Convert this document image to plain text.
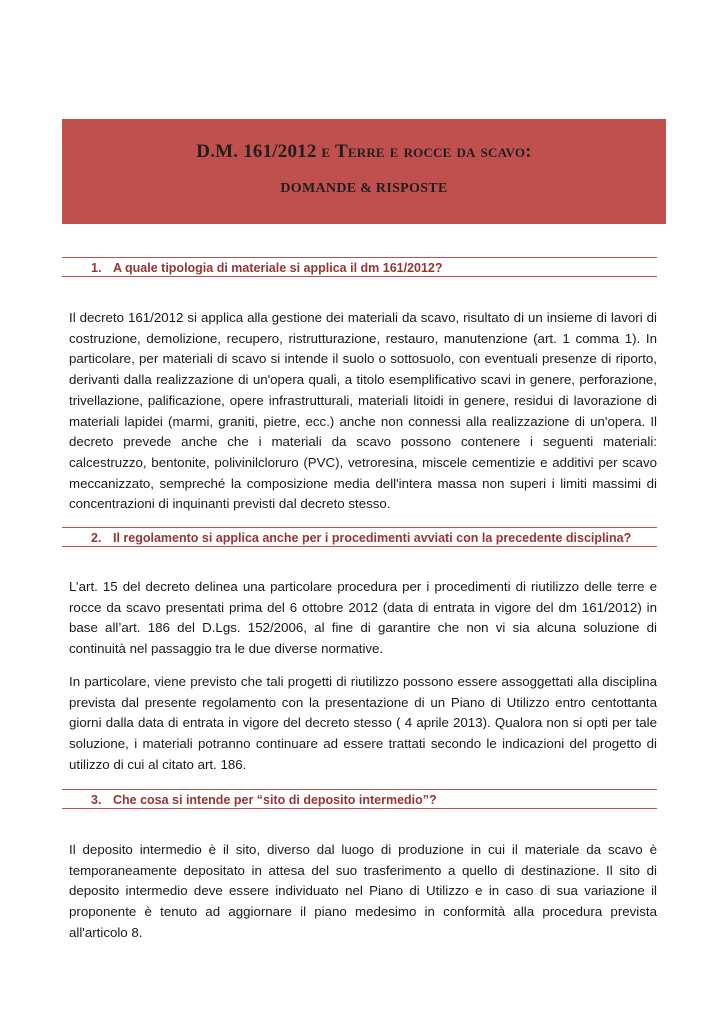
D.M. 161/2012 e Terre e rocce da scavo:
DOMANDE & RISPOSTE
1. A quale tipologia di materiale si applica il dm 161/2012?

Il decreto 161/2012 si applica alla gestione dei materiali da scavo, risultato di un insieme di lavori di costruzione, demolizione, recupero, ristrutturazione, restauro, manutenzione (art. 1 comma 1). In particolare, per materiali di scavo si intende il suolo o sottosuolo, con eventuali presenze di riporto, derivanti dalla realizzazione di un'opera quali, a titolo esemplificativo scavi in genere, perforazione, trivellazione, palificazione, opere infrastrutturali, materiali litoidi in genere, residui di lavorazione di materiali lapidei (marmi, graniti, pietre, ecc.) anche non connessi alla realizzazione di un'opera. Il decreto prevede anche che i materiali da scavo possono contenere i seguenti materiali: calcestruzzo, bentonite, polivinilcloruro (PVC), vetroresina, miscele cementizie e additivi per scavo meccanizzato, sempreché la composizione media dell'intera massa non superi i limiti massimi di concentrazioni di inquinanti previsti dal decreto stesso.

2. Il regolamento si applica anche per i procedimenti avviati con la precedente disciplina?

L’art. 15 del decreto delinea una particolare procedura per i procedimenti di riutilizzo delle terre e rocce da scavo presentati prima del 6 ottobre 2012 (data di entrata in vigore del dm 161/2012) in base all’art. 186 del D.Lgs. 152/2006, al fine di garantire che non vi sia alcuna soluzione di continuità nel passaggio tra le due diverse normative.

In particolare, viene previsto che tali progetti di riutilizzo possono essere assoggettati alla disciplina prevista dal presente regolamento con la presentazione di un Piano di Utilizzo entro centottanta giorni dalla data di entrata in vigore del decreto stesso ( 4 aprile 2013). Qualora non si opti per tale soluzione, i materiali potranno continuare ad essere trattati secondo le indicazioni del progetto di utilizzo di cui al citato art. 186.

3. Che cosa si intende per “sito di deposito intermedio”?

Il deposito intermedio è il sito, diverso dal luogo di produzione in cui il materiale da scavo è temporaneamente depositato in attesa del suo trasferimento a quello di destinazione. Il sito di deposito intermedio deve essere individuato nel Piano di Utilizzo e in caso di sua variazione il proponente è tenuto ad aggiornare il piano medesimo in conformità alla procedura prevista all'articolo 8.
